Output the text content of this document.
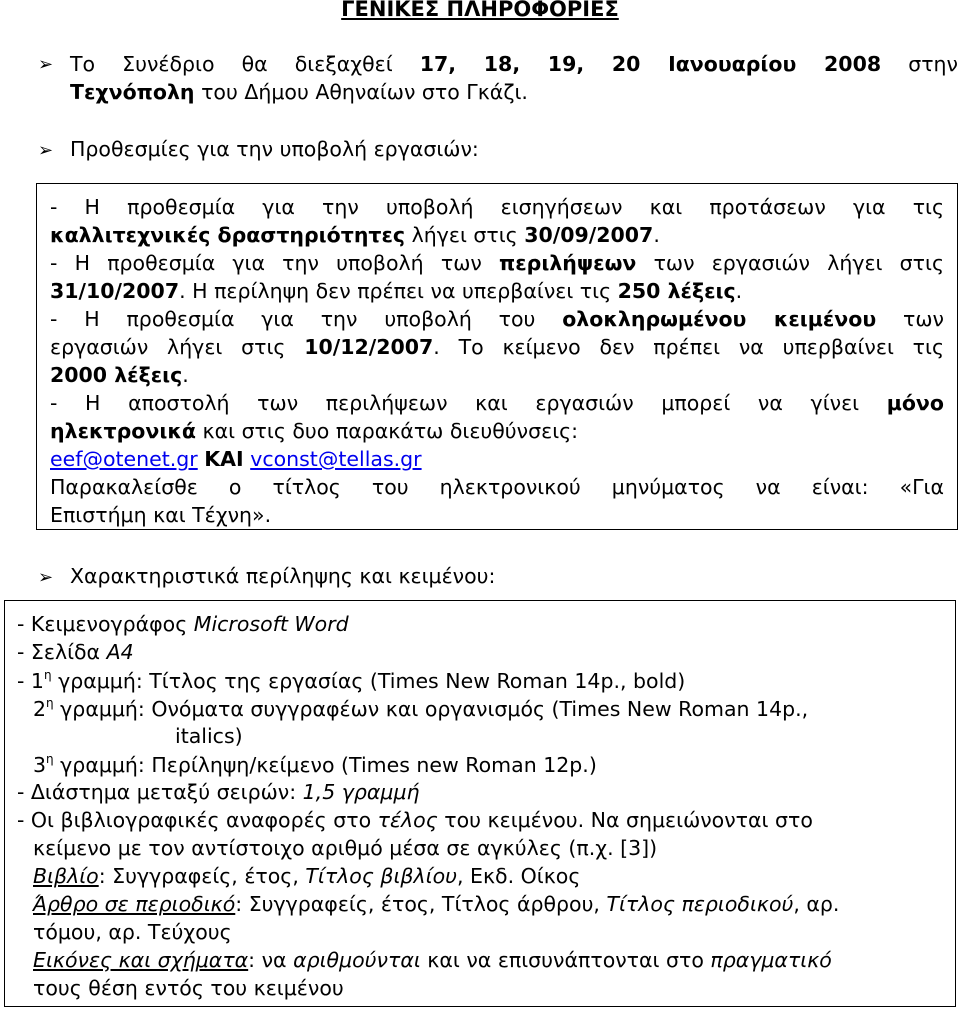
ΓΕΝΙΚΕΣ ΠΛΗΡΟΦΟΡΙΕΣ
➢ Το Συνέδριο θα διεξαχθεί 17, 18, 19, 20 Ιανουαρίου 2008 στην
Τεχνόπολη του Δήμου Αθηναίων στο Γκάζι.
➢ Προθεσμίες για την υποβολή εργασιών:
- Η προθεσμία για την υποβολή εισηγήσεων και προτάσεων για τις
καλλιτεχνικές δραστηριότητες λήγει στις 30/09/2007.
- Η προθεσμία για την υποβολή των περιλήψεων των εργασιών λήγει στις
31/10/2007. Η περίληψη δεν πρέπει να υπερβαίνει τις 250 λέξεις.
- Η προθεσμία για την υποβολή του ολοκληρωμένου κειμένου των
εργασιών λήγει στις 10/12/2007. Το κείμενο δεν πρέπει να υπερβαίνει τις
2000 λέξεις.
- Η αποστολή των περιλήψεων και εργασιών μπορεί να γίνει μόνο
ηλεκτρονικά και στις δυο παρακάτω διευθύνσεις:
eef@otenet.gr ΚΑΙ vconst@tellas.gr
Παρακαλείσθε ο τίτλος του ηλεκτρονικού μηνύματος να είναι: «Για
Επιστήμη και Τέχνη».
➢ Χαρακτηριστικά περίληψης και κειμένου:
- Κειμενογράφος Microsoft Word
- Σελίδα A4
- $1^\eta$ γραμμή: Τίτλος της εργασίας (Times New Roman 14p., bold)
$2^\eta$ γραμμή: Ονόματα συγγραφέων και οργανισμός (Times New Roman 14p.,
italics)
$3^\eta$ γραμμή: Περίληψη/κείμενο (Times new Roman 12p.)
- Διάστημα μεταξύ σειρών: 1,5 γραμμή
- Οι βιβλιογραφικές αναφορές στο τέλος του κειμένου. Να σημειώνονται στο
κείμενο με τον αντίστοιχο αριθμό μέσα σε αγκύλες (π.χ. [3])
Βιβλίο: Συγγραφείς, έτος, Τίτλος βιβλίου, Εκδ. Οίκος
Άρθρο σε περιοδικό: Συγγραφείς, έτος, Τίτλος άρθρου, Τίτλος περιοδικού, αρ.
τόμου, αρ. Τεύχους
Εικόνες και σχήματα: να αριθμούνται και να επισυνάπτονται στο πραγματικό
τους θέση εντός του κειμένου
